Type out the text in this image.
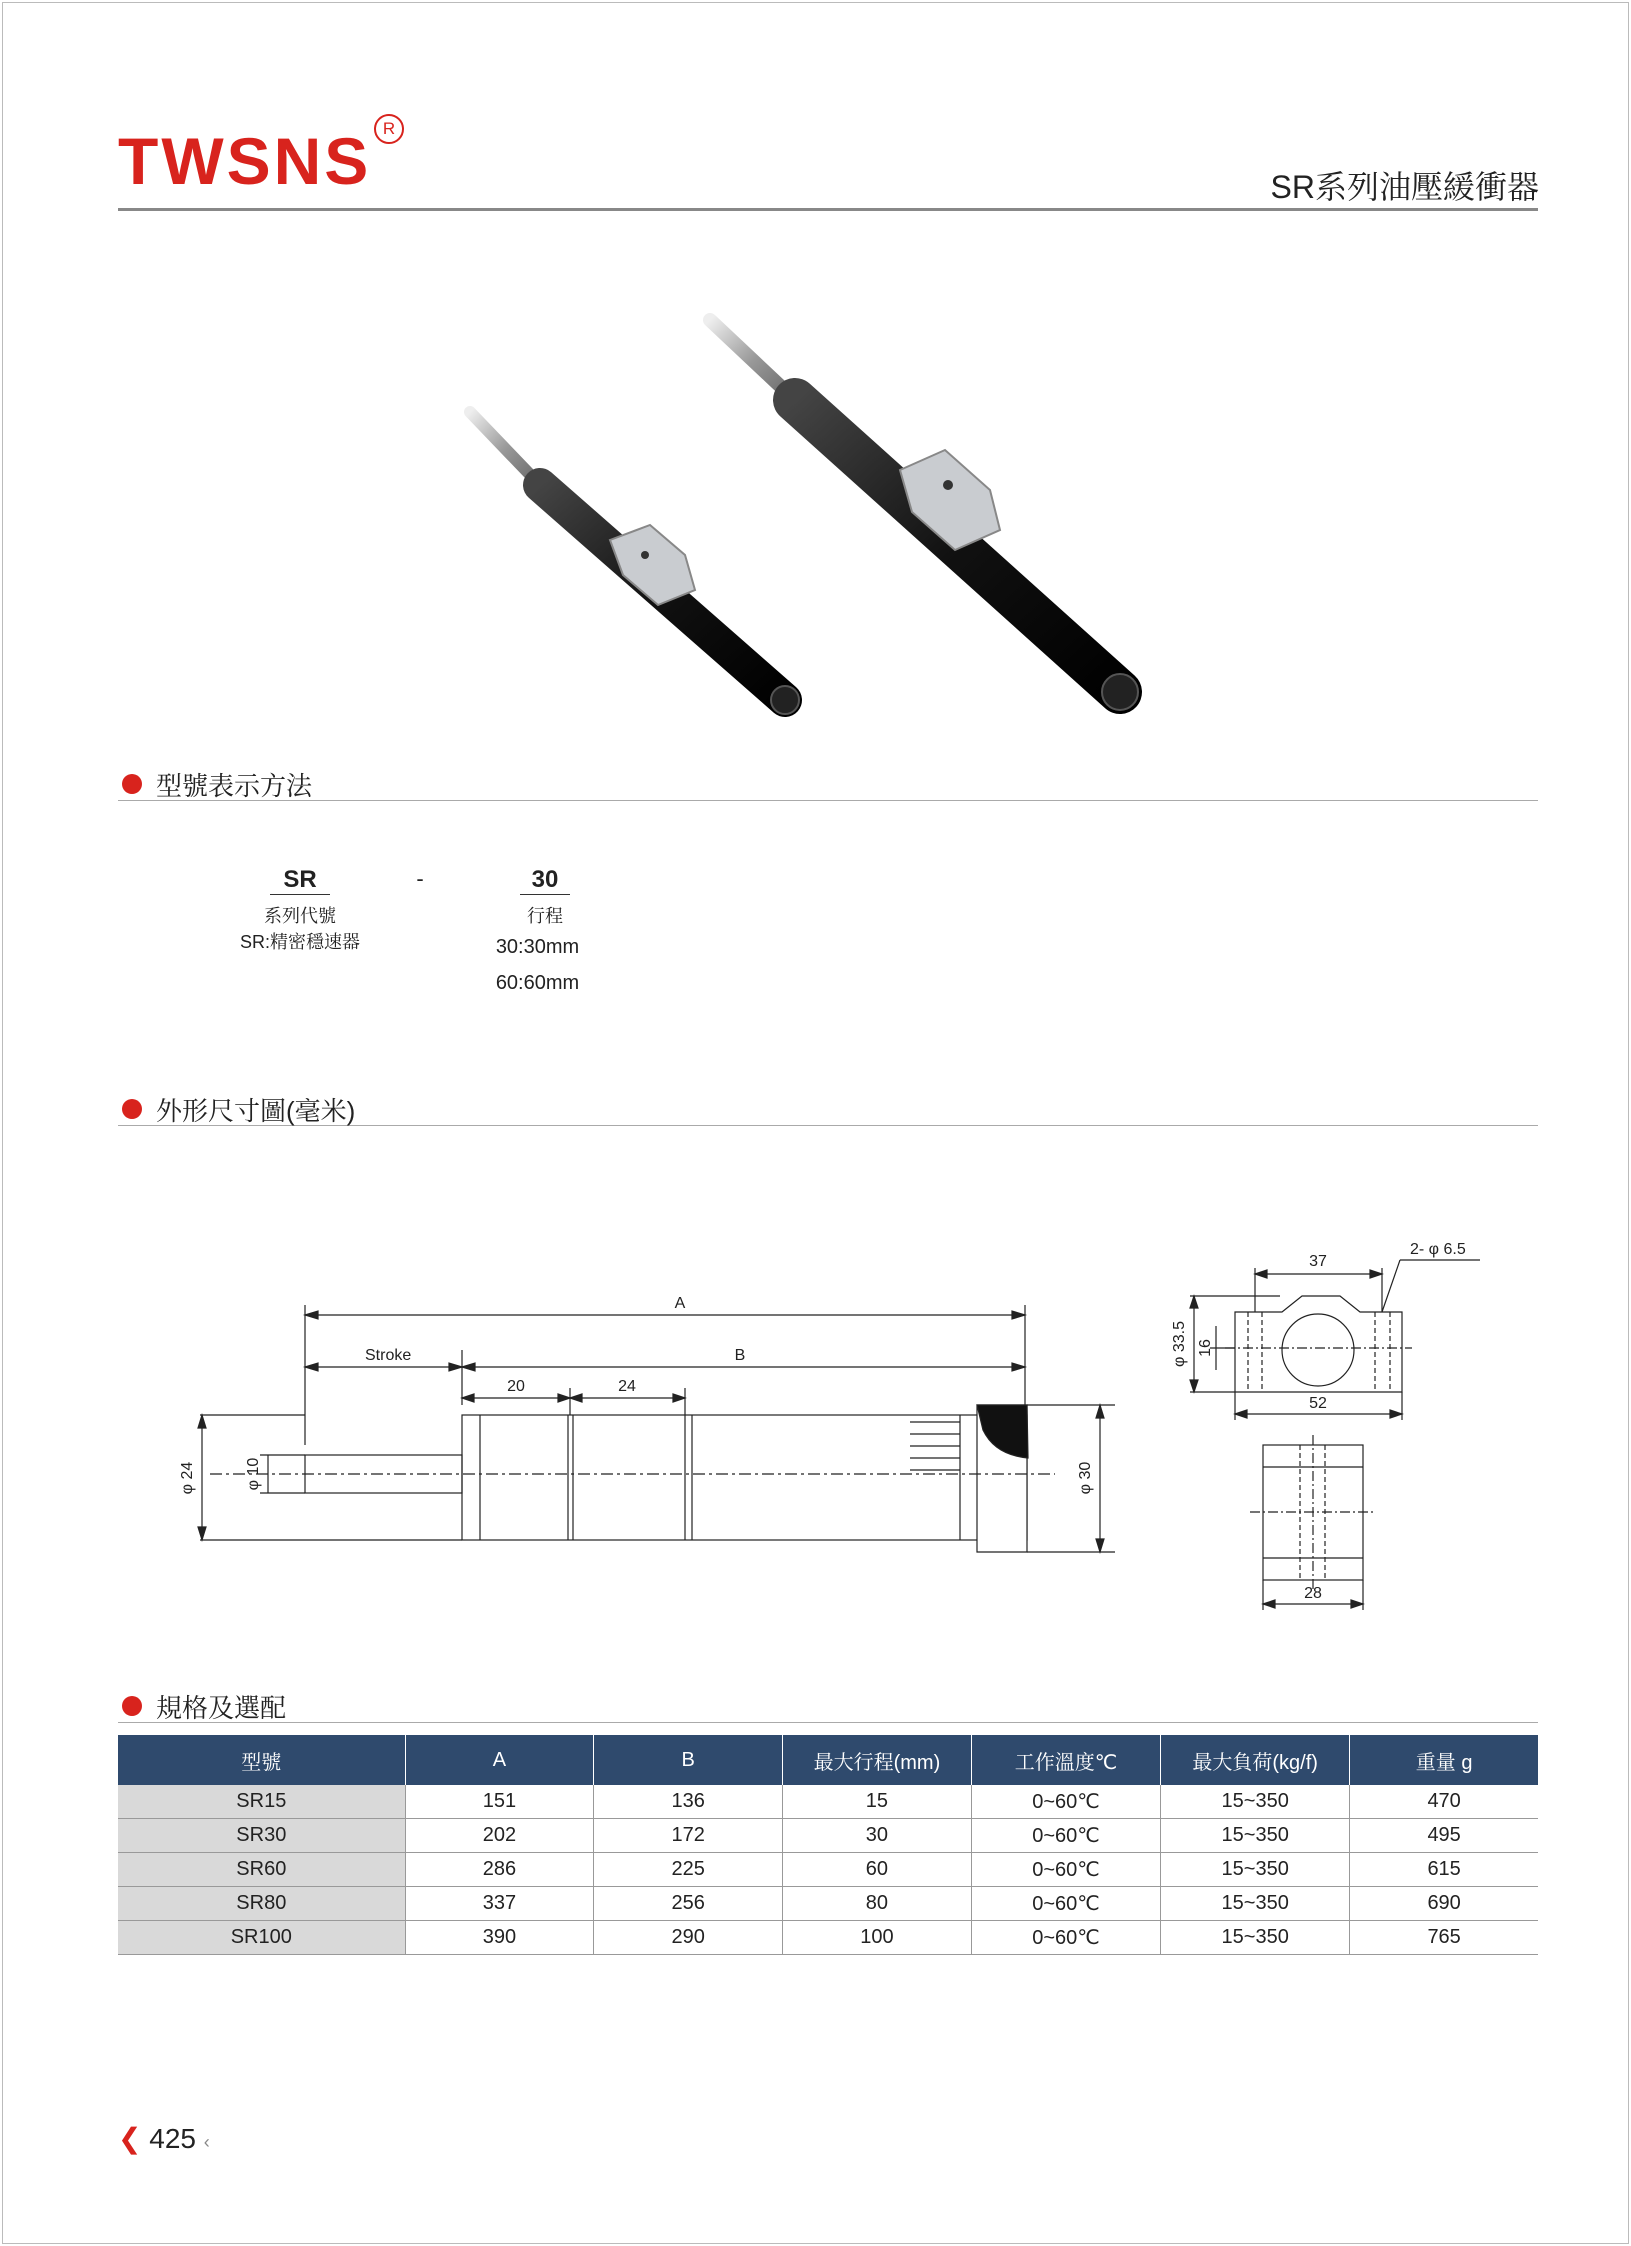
TWSNS R
SR系列油壓緩衝器
型號表示方法
SR	-	30
系列代號
SR:精密穩速器
行程
30:30mm
60:60mm
外形尺寸圖(毫米)
A
Stroke	B
20	24
φ 24	φ 10	φ 30
37
2- φ 6.5
φ 33.5 16
52
28
規格及選配
型號	A	B	最大行程(mm)	工作溫度℃	最大負荷(kg/f)	重量 g
SR15	151	136	15	0~60℃	15~350	470
SR30	202	172	30	0~60℃	15~350	495
SR60	286	225	60	0~60℃	15~350	615
SR80	337	256	80	0~60℃	15~350	690
SR100	390	290	100	0~60℃	15~350	765
❮ 425 ‹
